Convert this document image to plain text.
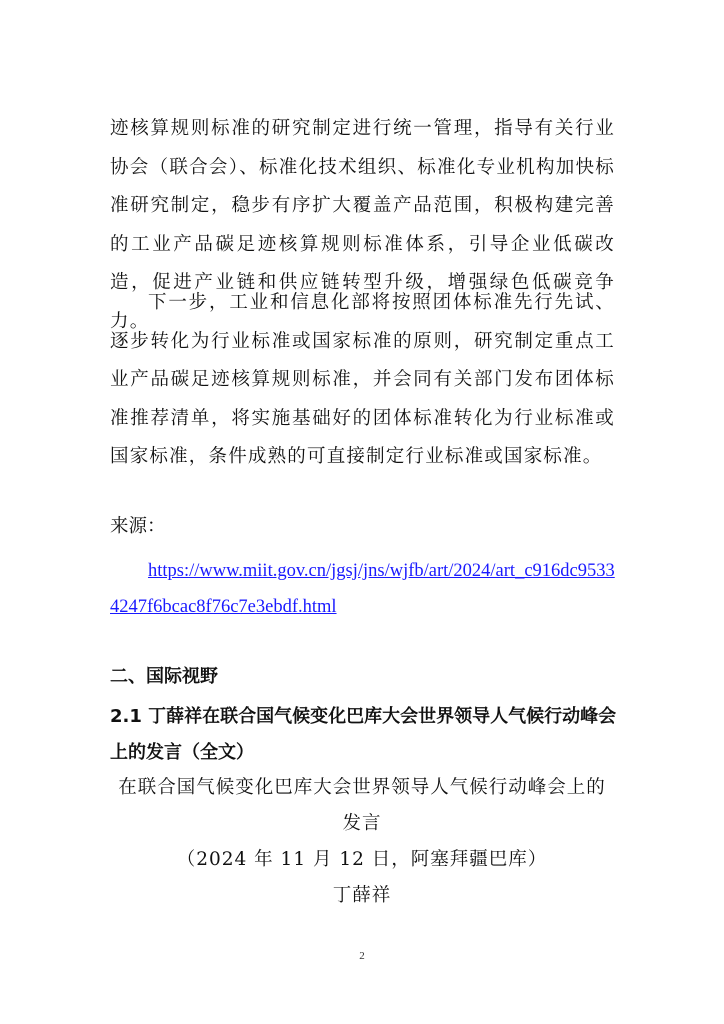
迹核算规则标准的研究制定进行统一管理，指导有关行业协会（联合会）、标准化技术组织、标准化专业机构加快标准研究制定，稳步有序扩大覆盖产品范围，积极构建完善的工业产品碳足迹核算规则标准体系，引导企业低碳改造，促进产业链和供应链转型升级，增强绿色低碳竞争力。

下一步，工业和信息化部将按照团体标准先行先试、逐步转化为行业标准或国家标准的原则，研究制定重点工业产品碳足迹核算规则标准，并会同有关部门发布团体标准推荐清单，将实施基础好的团体标准转化为行业标准或国家标准，条件成熟的可直接制定行业标准或国家标准。

来源：

https://www.miit.gov.cn/jgsj/jns/wjfb/art/2024/art_c916dc95334247f6bcac8f76c7e3ebdf.html

二、国际视野

2.1 丁薛祥在联合国气候变化巴库大会世界领导人气候行动峰会上的发言（全文）

在联合国气候变化巴库大会世界领导人气候行动峰会上的

发言

（2024 年 11 月 12 日，阿塞拜疆巴库）

丁薛祥

2
